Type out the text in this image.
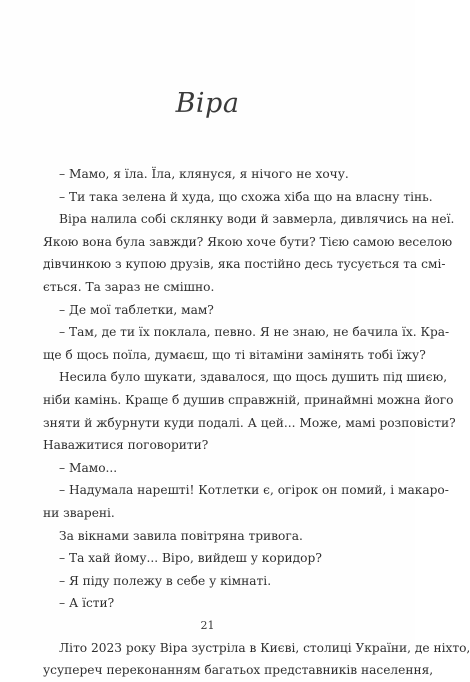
Віра
– Мамо, я їла. Їла, клянуся, я нічого не хочу.
– Ти така зелена й худа, що схожа хіба що на власну тінь.
Віра налила собі склянку води й завмерла, дивлячись на неї.
Якою вона була завжди? Якою хоче бути? Тією самою веселою
дівчинкою з купою друзів, яка постійно десь тусується та смі-
ється. Та зараз не смішно.
– Де мої таблетки, мам?
– Там, де ти їх поклала, певно. Я не знаю, не бачила їх. Кра-
ще б щось поїла, думаєш, що ті вітаміни замінять тобі їжу?
Несила було шукати, здавалося, що щось душить під шиєю,
ніби камінь. Краще б душив справжній, принаймні можна його
зняти й жбурнути куди подалі. А цей... Може, мамі розповісти?
Наважитися поговорити?
– Мамо...
– Надумала нарешті! Котлетки є, огірок он помий, і макаро-
ни зварені.
За вікнами завила повітряна тривога.
– Та хай йому... Віро, вийдеш у коридор?
– Я піду полежу в себе у кімнаті.
– А їсти?
Літо 2023 року Віра зустріла в Києві, столиці України, де ніхто,
усупереч переконанням багатьох представників населення,
21
